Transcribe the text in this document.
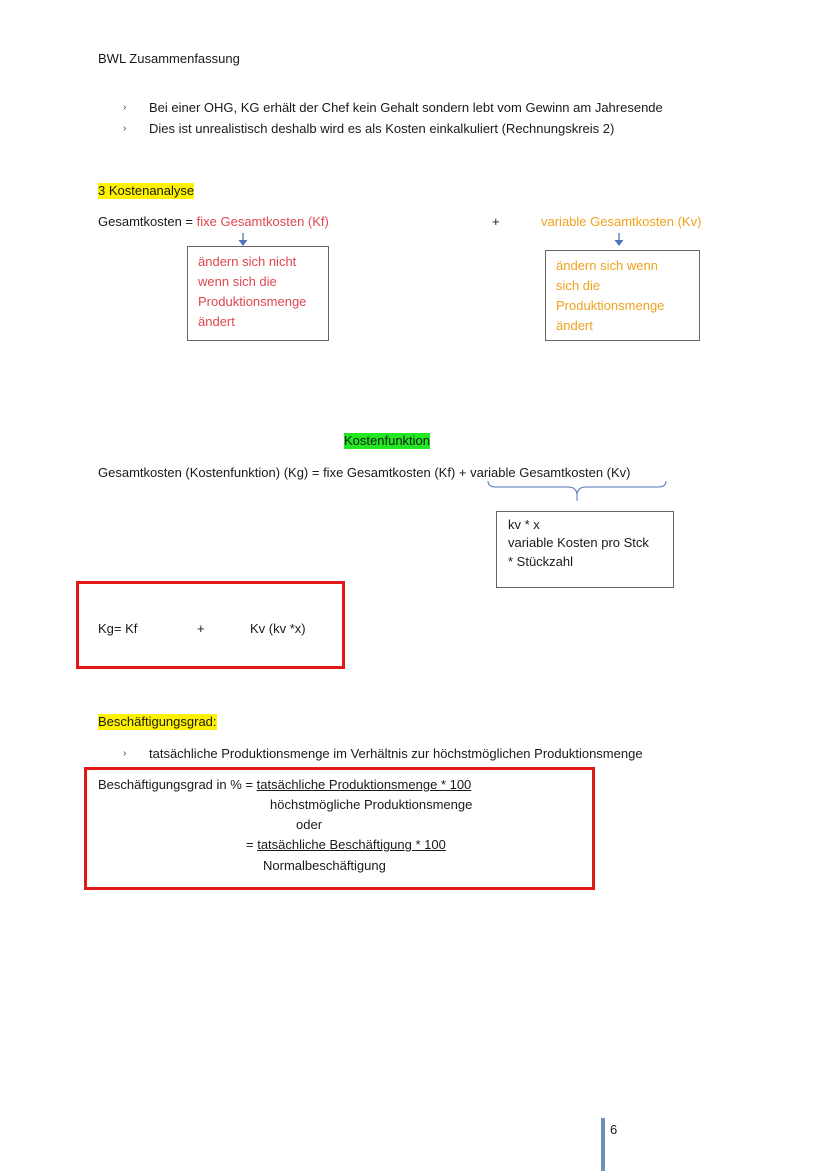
BWL Zusammenfassung
› Bei einer OHG, KG erhält der Chef kein Gehalt sondern lebt vom Gewinn am Jahresende
› Dies ist unrealistisch deshalb wird es als Kosten einkalkuliert (Rechnungskreis 2)
3 Kostenanalyse
Gesamtkosten = fixe Gesamtkosten (Kf)	+	variable Gesamtkosten (Kv)
ändern sich nicht
wenn sich die
Produktionsmenge
ändert
ändern sich wenn
sich die
Produktionsmenge
ändert
Kostenfunktion
Gesamtkosten (Kostenfunktion) (Kg) = fixe Gesamtkosten (Kf) + variable Gesamtkosten (Kv)
kv * x
variable Kosten pro Stck
* Stückzahl
Kg= Kf	+	Kv (kv *x)
Beschäftigungsgrad:
› tatsächliche Produktionsmenge im Verhältnis zur höchstmöglichen Produktionsmenge
Beschäftigungsgrad in % = tatsächliche Produktionsmenge * 100
höchstmögliche Produktionsmenge
oder
= tatsächliche Beschäftigung * 100
Normalbeschäftigung
6
